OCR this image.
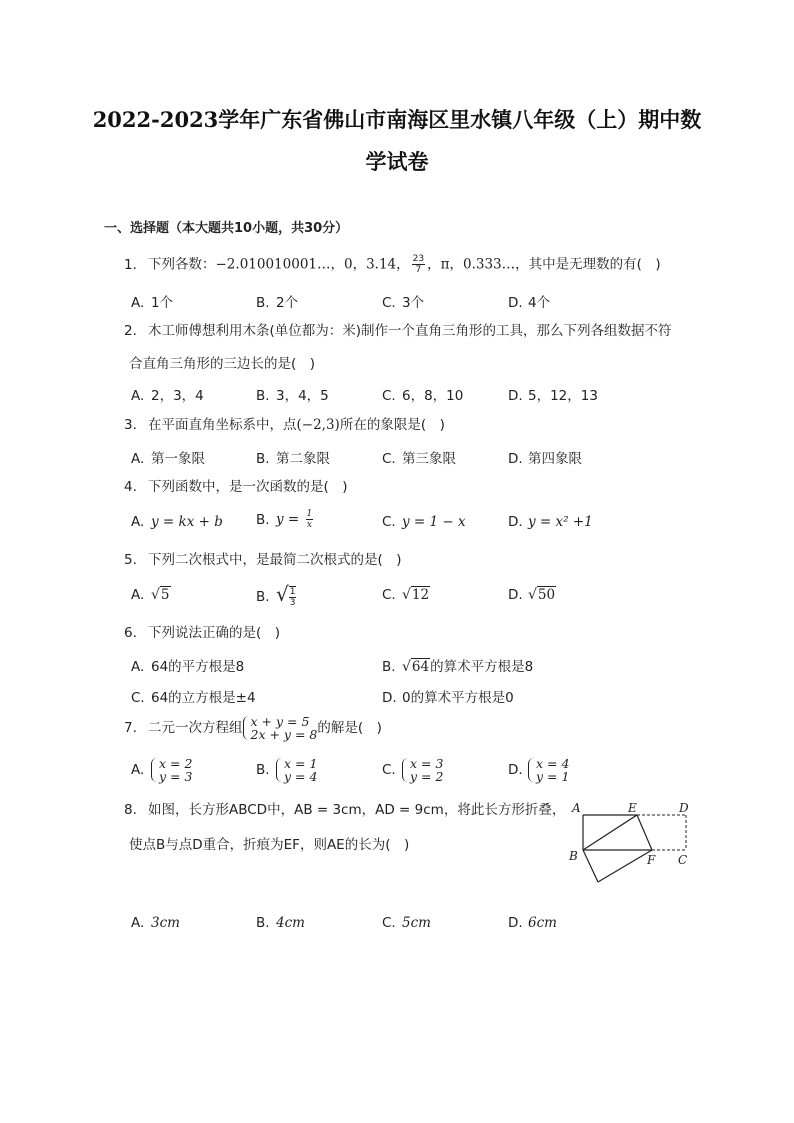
2022-2023学年广东省佛山市南海区里水镇八年级（上）期中数
学试卷
一、选择题（本大题共10小题，共30分）
1. 下列各数：−2.010010001…，0，3.14， $\frac{23}{7}$ ，π，0.333…，其中是无理数的有(　)
A. 1个	B. 2个	C. 3个	D. 4个
2. 木工师傅想利用木条(单位都为：米)制作一个直角三角形的工具，那么下列各组数据不符
合直角三角形的三边长的是(　)
A. 2，3，4	B. 3，4，5	C. 6，8，10	D. 5，12，13
3. 在平面直角坐标系中，点(−2,3)所在的象限是(　)
A. 第一象限	B. 第二象限	C. 第三象限	D. 第四象限
4. 下列函数中，是一次函数的是(　)
A. y = kx + b B. $y = \frac{1}{x}$	C. y = 1 − x	D. y = x² +1
5. 下列二次根式中，是最简二次根式的是(　)
A. √5	B. √ $\frac{1}{3}$	C. √12	D. √50
6. 下列说法正确的是(　)
A. 64的平方根是8	B. √64的算术平方根是8
C. 64的立方根是±4	D. 0的算术平方根是0
7. 二元一次方程组 x + y = 5
2x + y = 8 的解是(　)
A. x = 2
y = 3	B. x = 1
y = 4	C. x = 3
y = 2	D. x = 4
y = 1
8. 如图，长方形ABCD中，AB = 3cm，AD = 9cm，将此长方形折叠，
使点B与点D重合，折痕为EF，则AE的长为(　)
A	E	D
B	F C
A. 3cm	B. 4cm	C. 5cm	D. 6cm
